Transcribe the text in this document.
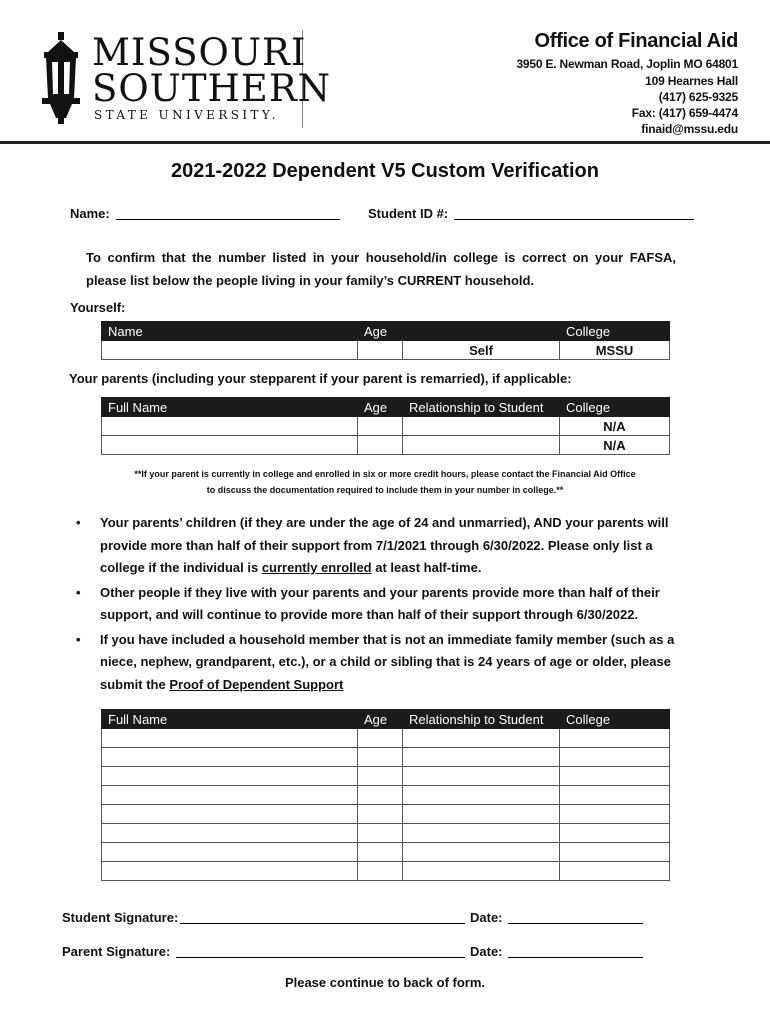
MISSOURI
SOUTHERN
STATE UNIVERSITY.
Office of Financial Aid
3950 E. Newman Road, Joplin MO 64801
109 Hearnes Hall
(417) 625-9325
Fax: (417) 659-4474
finaid@mssu.edu
2021-2022 Dependent V5 Custom Verification
Name:	Student ID #:
To confirm that the number listed in your household/in college is correct on your FAFSA, please list below the people living in your family’s CURRENT household.
Yourself:
Name	Age		College
		Self	MSSU
Your parents (including your stepparent if your parent is remarried), if applicable:
Full Name	Age	Relationship to Student	College
			N/A
			N/A
**If your parent is currently in college and enrolled in six or more credit hours, please contact the Financial Aid Office
to discuss the documentation required to include them in your number in college.**
• Your parents’ children (if they are under the age of 24 and unmarried), AND your parents will provide more than half of their support from 7/1/2021 through 6/30/2022. Please only list a college if the individual is currently enrolled at least half-time.
• Other people if they live with your parents and your parents provide more than half of their support, and will continue to provide more than half of their support through 6/30/2022.
• If you have included a household member that is not an immediate family member (such as a niece, nephew, grandparent, etc.), or a child or sibling that is 24 years of age or older, please submit the Proof of Dependent Support
Full Name	Age	Relationship to Student	College

Student Signature:	Date:
Parent Signature:	Date:
Please continue to back of form.
